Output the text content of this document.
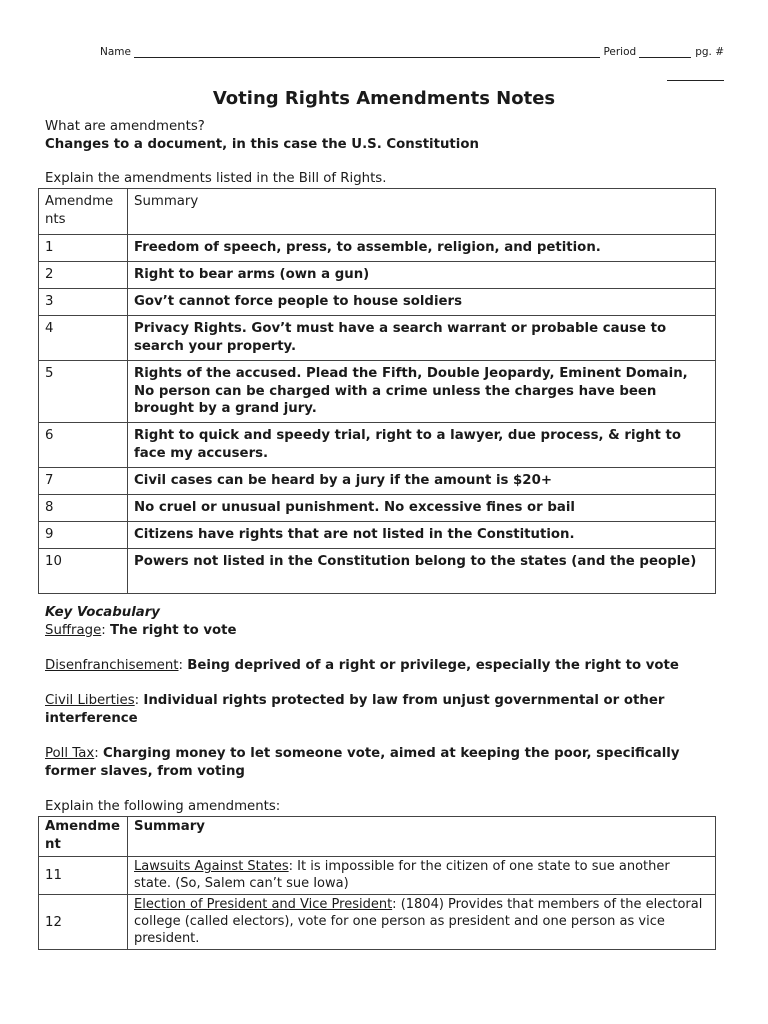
Name	Period	pg. #
Voting Rights Amendments Notes
What are amendments?
Changes to a document, in this case the U.S. Constitution
Explain the amendments listed in the Bill of Rights.
Amendments	Summary
1	Freedom of speech, press, to assemble, religion, and petition.
2	Right to bear arms (own a gun)
3	Gov’t cannot force people to house soldiers
4	Privacy Rights. Gov’t must have a search warrant or probable cause to search your property.
5	Rights of the accused. Plead the Fifth, Double Jeopardy, Eminent Domain, No person can be charged with a crime unless the charges have been brought by a grand jury.
6	Right to quick and speedy trial, right to a lawyer, due process, & right to face my accusers.
7	Civil cases can be heard by a jury if the amount is $20+
8	No cruel or unusual punishment. No excessive fines or bail
9	Citizens have rights that are not listed in the Constitution.
10	Powers not listed in the Constitution belong to the states (and the people)
Key Vocabulary
Suffrage: The right to vote
Disenfranchisement: Being deprived of a right or privilege, especially the right to vote
Civil Liberties: Individual rights protected by law from unjust governmental or other interference
Poll Tax: Charging money to let someone vote, aimed at keeping the poor, specifically former slaves, from voting
Explain the following amendments:
Amendment	Summary
11	Lawsuits Against States: It is impossible for the citizen of one state to sue another state. (So, Salem can’t sue Iowa)
12	Election of President and Vice President: (1804) Provides that members of the electoral college (called electors), vote for one person as president and one person as vice president.
